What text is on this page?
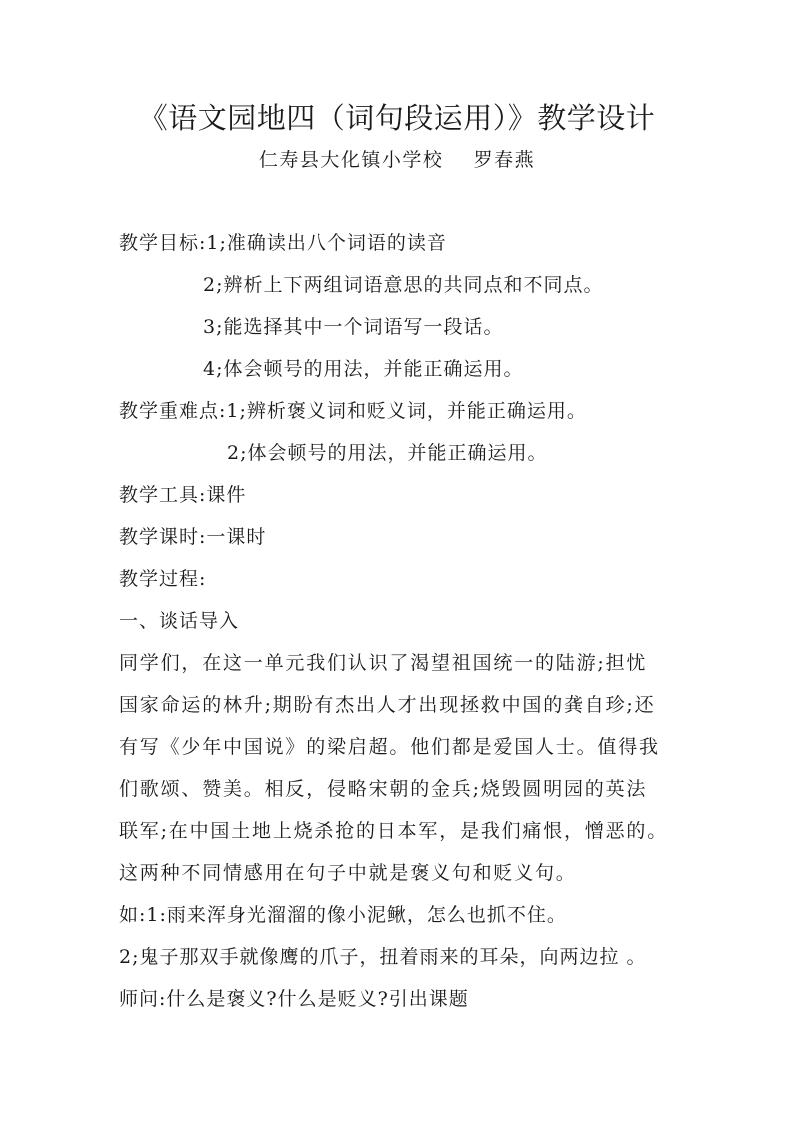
《语文园地四（词句段运用）》教学设计
仁寿县大化镇小学校    罗春燕
教学目标:1;准确读出八个词语的读音
2;辨析上下两组词语意思的共同点和不同点。
3;能选择其中一个词语写一段话。
4;体会顿号的用法，并能正确运用。
教学重难点:1;辨析褒义词和贬义词，并能正确运用。
2;体会顿号的用法，并能正确运用。
教学工具:课件
教学课时:一课时
教学过程:
一、谈话导入
同学们，在这一单元我们认识了渴望祖国统一的陆游;担忧
国家命运的林升;期盼有杰出人才出现拯救中国的龚自珍;还
有写《少年中国说》的梁启超。他们都是爱国人士。值得我
们歌颂、赞美。相反，侵略宋朝的金兵;烧毁圆明园的英法
联军;在中国土地上烧杀抢的日本军，是我们痛恨，憎恶的。
这两种不同情感用在句子中就是褒义句和贬义句。
如:1:雨来浑身光溜溜的像小泥鳅，怎么也抓不住。
2;鬼子那双手就像鹰的爪子，扭着雨来的耳朵，向两边拉 。
师问:什么是褒义?什么是贬义?引出课题
